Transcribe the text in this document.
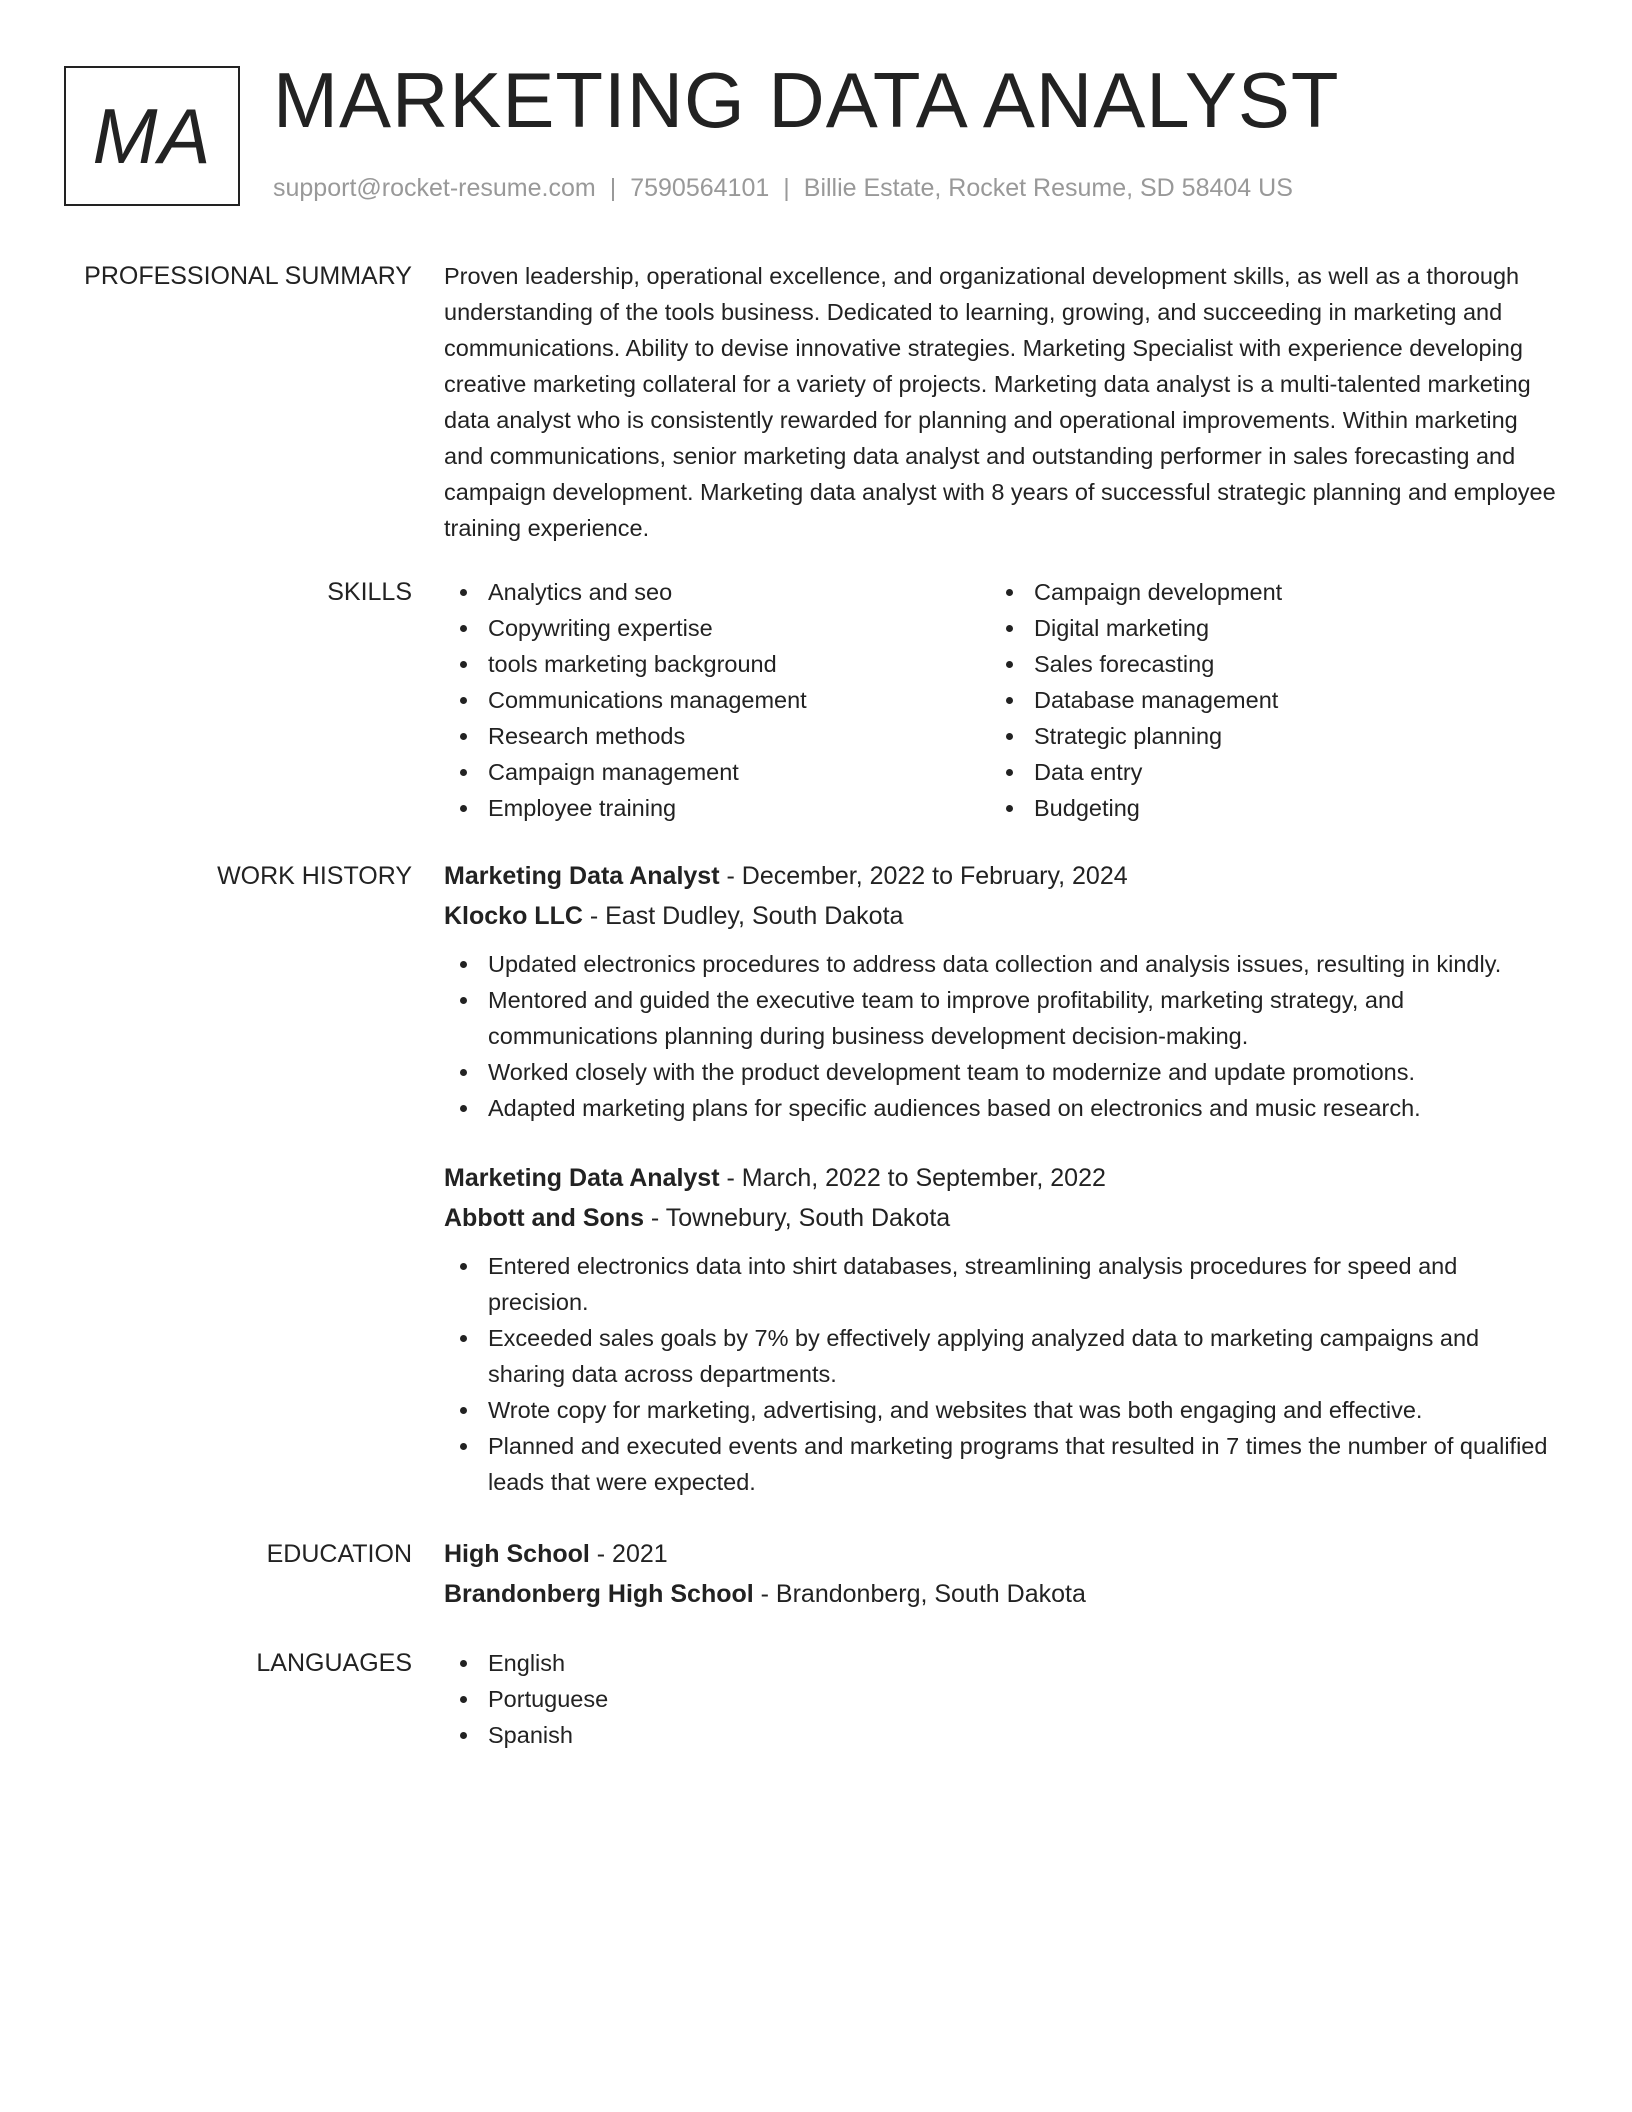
MA MARKETING DATA ANALYST
support@rocket-resume.com | 7590564101 | Billie Estate, Rocket Resume, SD 58404 US
PROFESSIONAL SUMMARY Proven leadership, operational excellence, and organizational development skills, as well as a thorough understanding of the tools business. Dedicated to learning, growing, and succeeding in marketing and communications. Ability to devise innovative strategies. Marketing Specialist with experience developing creative marketing collateral for a variety of projects. Marketing data analyst is a multi-talented marketing data analyst who is consistently rewarded for planning and operational improvements. Within marketing and communications, senior marketing data analyst and outstanding performer in sales forecasting and campaign development. Marketing data analyst with 8 years of successful strategic planning and employee training experience.

SKILLS	Analytics and seo
Copywriting expertise
tools marketing background
Communications management
Research methods
Campaign management
Employee training
Campaign development
Digital marketing
Sales forecasting
Database management
Strategic planning
Data entry
Budgeting
WORK HISTORY Marketing Data Analyst - December, 2022 to February, 2024
Klocko LLC - East Dudley, South Dakota
Updated electronics procedures to address data collection and analysis issues, resulting in kindly.
Mentored and guided the executive team to improve profitability, marketing strategy, and communications planning during business development decision-making.
Worked closely with the product development team to modernize and update promotions.
Adapted marketing plans for specific audiences based on electronics and music research.
Marketing Data Analyst - March, 2022 to September, 2022
Abbott and Sons - Townebury, South Dakota
Entered electronics data into shirt databases, streamlining analysis procedures for speed and precision.
Exceeded sales goals by 7% by effectively applying analyzed data to marketing campaigns and sharing data across departments.
Wrote copy for marketing, advertising, and websites that was both engaging and effective.
Planned and executed events and marketing programs that resulted in 7 times the number of qualified leads that were expected.
EDUCATION High School - 2021
Brandonberg High School - Brandonberg, South Dakota
LANGUAGES	English
Portuguese
Spanish
